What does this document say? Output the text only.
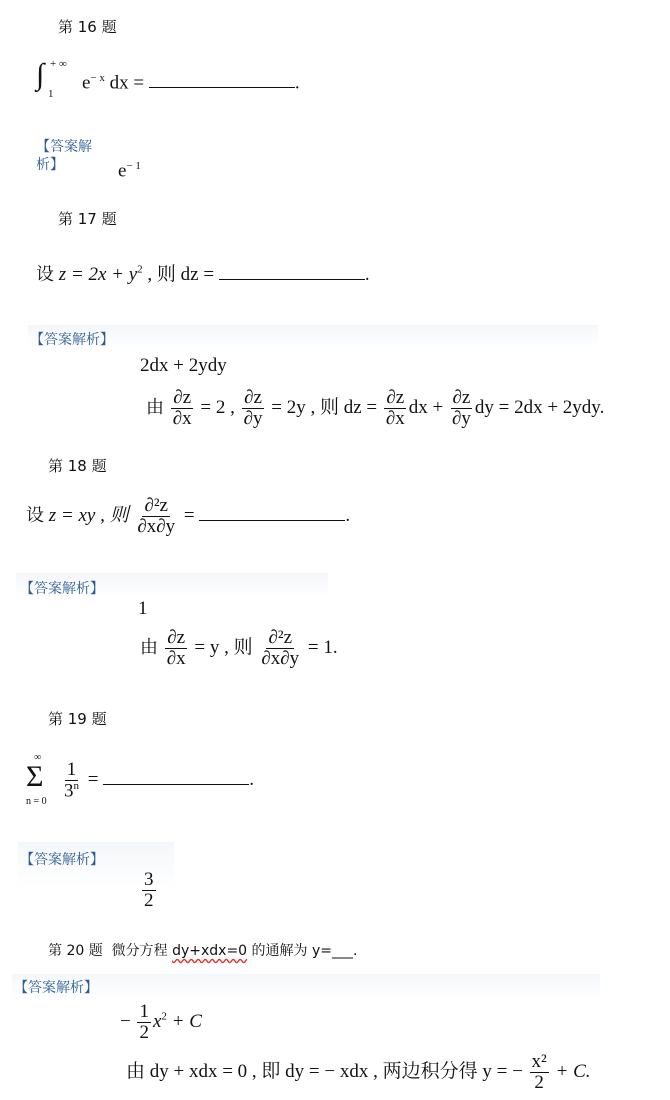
第 16 题
∫ + ∞
1
$e^{- x}$ dx =	.
【答案解析】	$e^{- 1}$
第 17 题
设 $z = 2x + y^2$ , 则 dz =	.
【答案解析】
2dx + 2ydy
由 $\frac{\partial z}{\partial x} = 2$ , $\frac{\partial z}{\partial y} = 2y$ , 则 dz = $\frac{\partial z}{\partial x}$ dx + $\frac{\partial z}{\partial y}$ dy = 2dx + 2ydy.
第 18 题
设 z = xy , 则 $\frac{\text{∂²z}}{\partial x\partial y}$ =	.
【答案解析】
1
由 $\frac{\partial z}{\partial x} = y$ , 则 $\frac{\text{∂²z}}{\partial x\partial y} = 1$.
第 19 题
∞
Σ
n = 0
$\frac{1}{3^n}$ =	.
【答案解析】
$\frac{3}{2}$
第 20 题 微分方程 dy+xdx=0 的通解为 y=___.
【答案解析】
− $\frac{1}{2} x^2 + C$
由 dy + xdx = 0 , 即 dy = − xdx , 两边积分得 y = − $\frac{\text{x²}}{2} + C$.
